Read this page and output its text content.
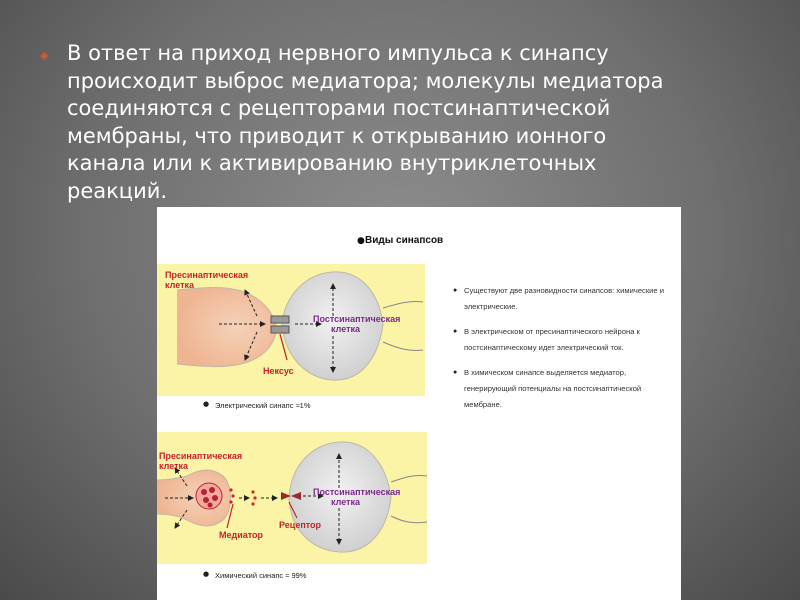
◈ В ответ на приход нервного импульса к синапсу
происходит выброс медиатора; молекулы медиатора
соединяются с рецепторами постсинаптической
мембраны, что приводит к открыванию ионного
канала или к активированию внутриклеточных
реакций.
● Виды синапсов
Пресинаптическая клетка
Постсинаптическая клетка
Нексус
● Электрический синапс ≈1%
Пресинаптическая клетка
Постсинаптическая клетка
Медиатор
Рецептор
● Химический синапс ≈ 99%
● Существуют две разновидности синапсов: химические и электрические.
● В электрическом от пресинаптического нейрона к постсинаптическому идет электрический ток.
● В химическом синапсе выделяется медиатор, генерирующий потенциалы на постсинаптической мембране.
